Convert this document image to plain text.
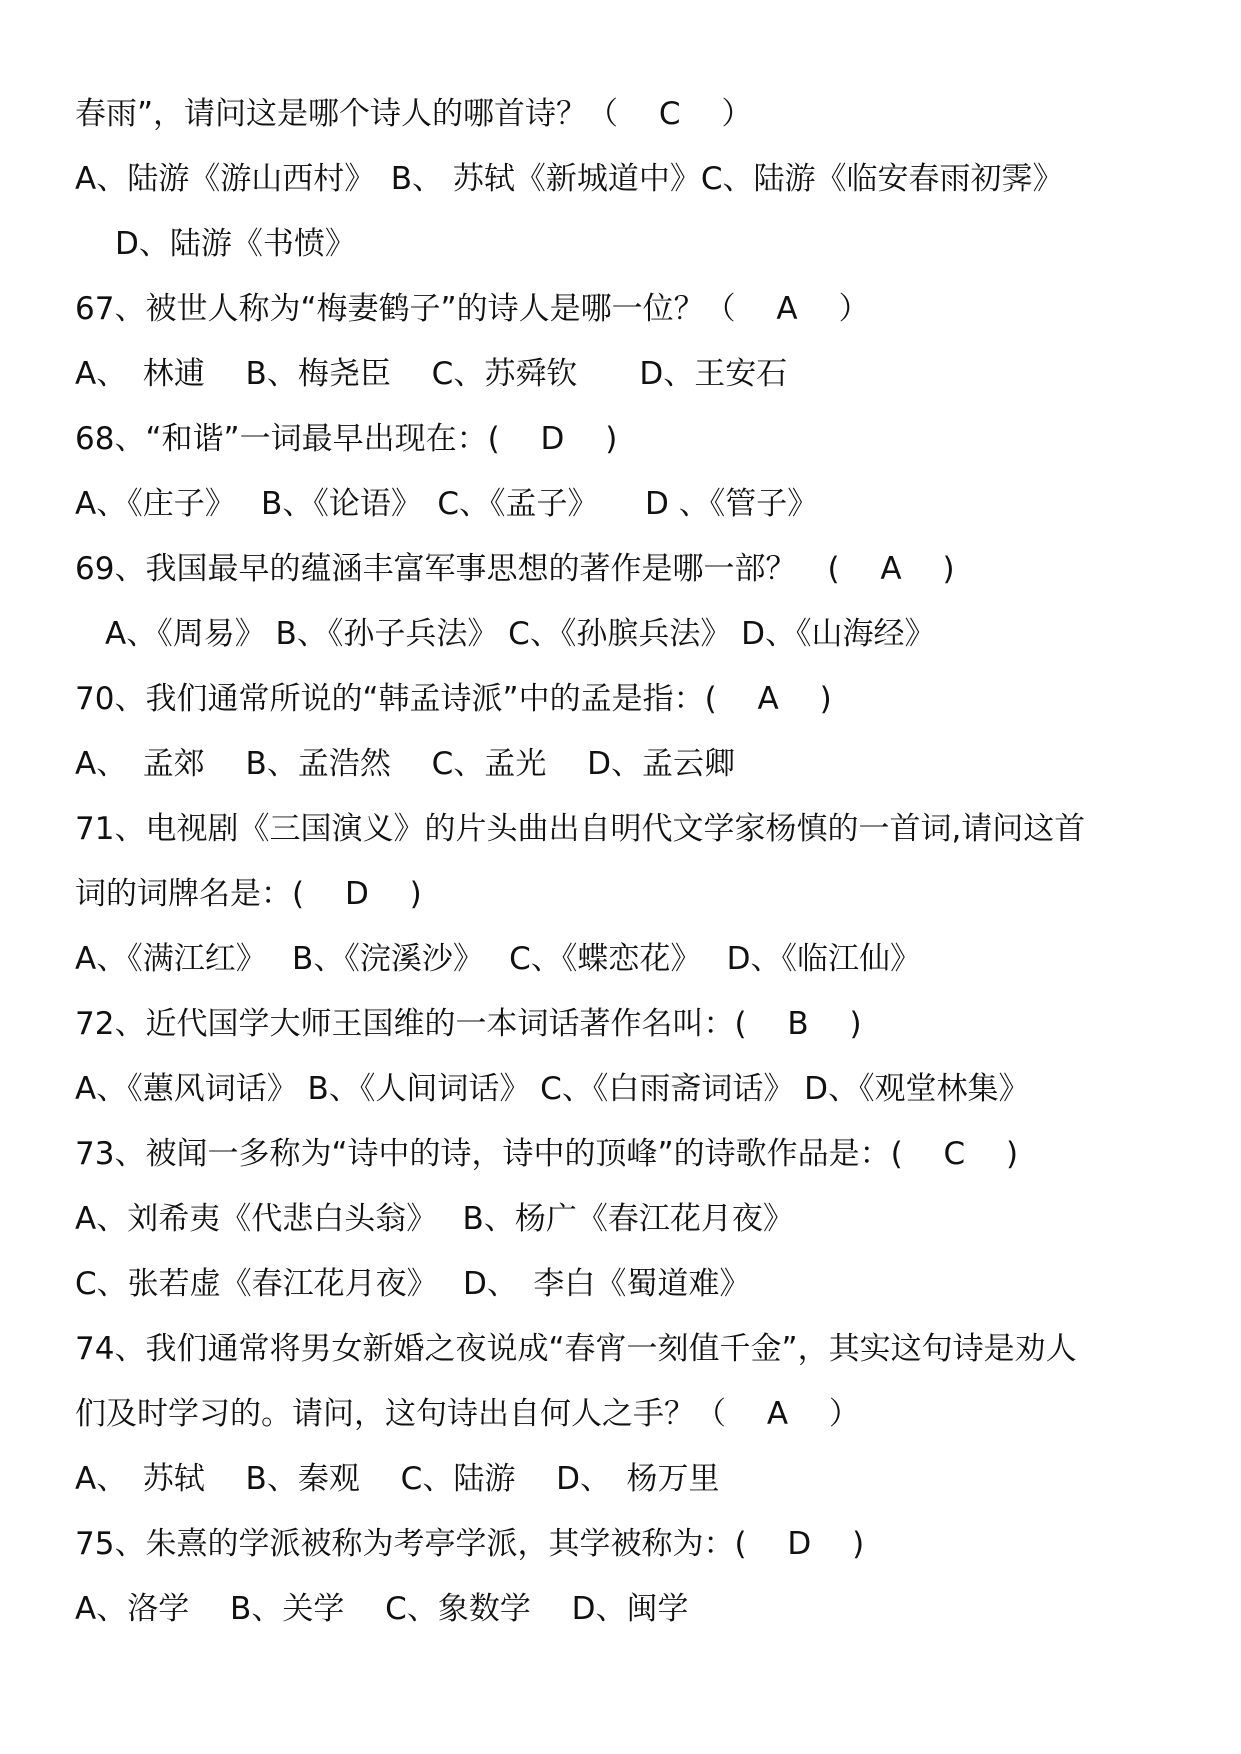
春雨”，请问这是哪个诗人的哪首诗？（　 C　 ）
A、陆游《游山西村》　B、 苏轼《新城道中》C、陆游《临安春雨初霁》
D、陆游《书愤》
67、被世人称为“梅妻鹤子”的诗人是哪一位？（　 A　 ）
A、　林逋　 B、梅尧臣　 C、苏舜钦　　D、王安石
68、“和谐”一词最早出现在：(　 D　 )
A、《庄子》　 B、《论语》　C、《孟子》　　D 、《管子》
69、我国最早的蕴涵丰富军事思想的著作是哪一部？　(　 A　 )
A、《周易》 B、《孙子兵法》 C、《孙膑兵法》 D、《山海经》
70、我们通常所说的“韩孟诗派”中的孟是指：(　 A　 )
A、　孟郊　 B、孟浩然　 C、孟光　 D、孟云卿
71、电视剧《三国演义》的片头曲出自明代文学家杨慎的一首词,请问这首
词的词牌名是：(　 D　 )
A、《满江红》　 B、《浣溪沙》　 C、《蝶恋花》　 D、《临江仙》
72、近代国学大师王国维的一本词话著作名叫：(　 B　 )
A、《蕙风词话》 B、《人间词话》 C、《白雨斋词话》 D、《观堂林集》
73、被闻一多称为“诗中的诗，诗中的顶峰”的诗歌作品是：(　 C　 )
A、刘希夷《代悲白头翁》　 B、杨广《春江花月夜》
C、张若虚《春江花月夜》　 D、　李白《蜀道难》
74、我们通常将男女新婚之夜说成“春宵一刻值千金”，其实这句诗是劝人
们及时学习的。请问，这句诗出自何人之手？（　 A　 ）
A、　苏轼　 B、秦观　 C、陆游　 D、　杨万里
75、朱熹的学派被称为考亭学派，其学被称为：(　 D　 )
A、洛学　 B、关学　 C、象数学　 D、闽学
